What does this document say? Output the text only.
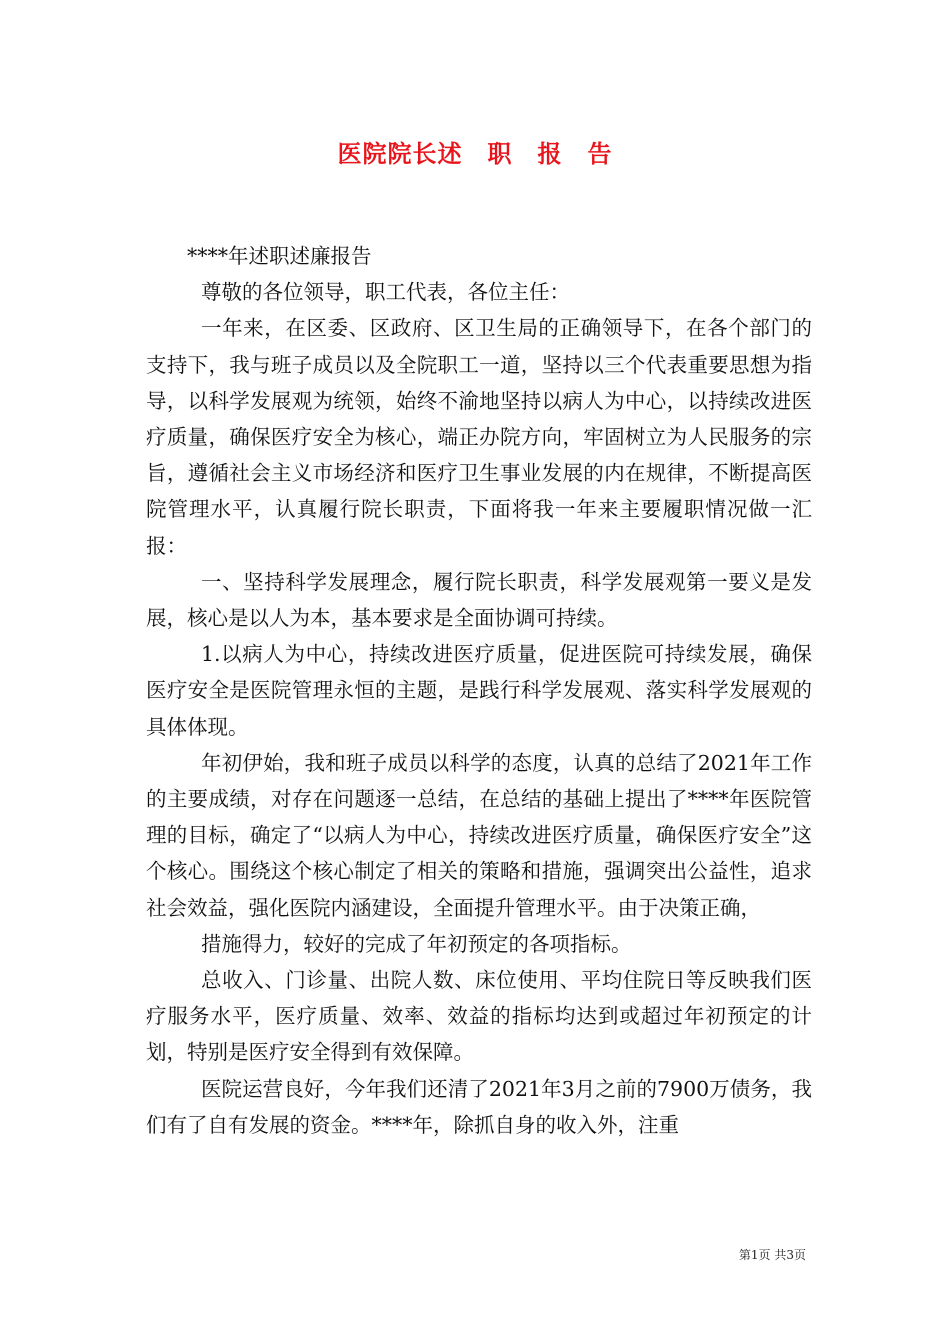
医院院长述　职　报　告

****年述职述廉报告

尊敬的各位领导，职工代表，各位主任：

一年来，在区委、区政府、区卫生局的正确领导下，在各个部门的支持下，我与班子成员以及全院职工一道，坚持以三个代表重要思想为指导，以科学发展观为统领，始终不渝地坚持以病人为中心，以持续改进医疗质量，确保医疗安全为核心，端正办院方向，牢固树立为人民服务的宗旨，遵循社会主义市场经济和医疗卫生事业发展的内在规律，不断提高医院管理水平，认真履行院长职责，下面将我一年来主要履职情况做一汇报：

一、坚持科学发展理念，履行院长职责，科学发展观第一要义是发展，核心是以人为本，基本要求是全面协调可持续。

1.以病人为中心，持续改进医疗质量，促进医院可持续发展，确保医疗安全是医院管理永恒的主题，是践行科学发展观、落实科学发展观的具体体现。

年初伊始，我和班子成员以科学的态度，认真的总结了2021年工作的主要成绩，对存在问题逐一总结，在总结的基础上提出了****年医院管理的目标，确定了“以病人为中心，持续改进医疗质量，确保医疗安全”这个核心。围绕这个核心制定了相关的策略和措施，强调突出公益性，追求社会效益，强化医院内涵建设，全面提升管理水平。由于决策正确，

措施得力，较好的完成了年初预定的各项指标。

总收入、门诊量、出院人数、床位使用、平均住院日等反映我们医疗服务水平，医疗质量、效率、效益的指标均达到或超过年初预定的计划，特别是医疗安全得到有效保障。

医院运营良好，今年我们还清了2021年3月之前的7900万债务，我们有了自有发展的资金。****年，除抓自身的收入外，注重

第1页 共3页
